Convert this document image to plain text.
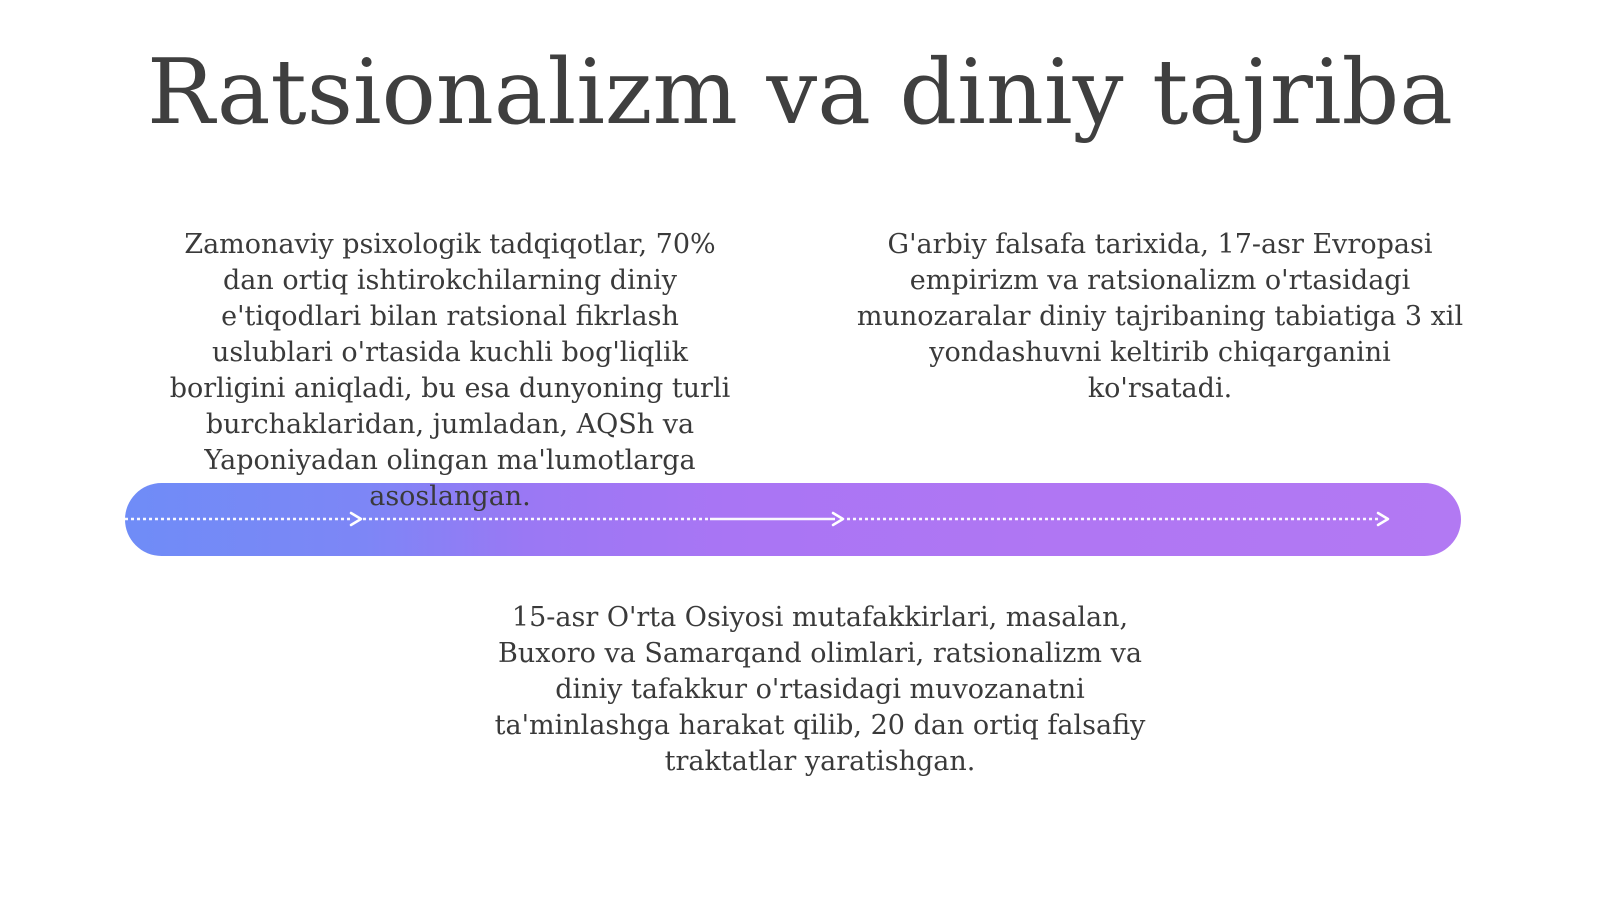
Ratsionalizm va diniy tajriba

Zamonaviy psixologik tadqiqotlar, 70% dan ortiq ishtirokchilarning diniy e'tiqodlari bilan ratsional fikrlash uslublari o'rtasida kuchli bog'liqlik borligini aniqladi, bu esa dunyoning turli burchaklaridan, jumladan, AQSh va Yaponiyadan olingan ma'lumotlarga asoslangan.

G'arbiy falsafa tarixida, 17-asr Evropasi empirizm va ratsionalizm o'rtasidagi munozaralar diniy tajribaning tabiatiga 3 xil yondashuvni keltirib chiqarganini ko'rsatadi.

15-asr O'rta Osiyosi mutafakkirlari, masalan, Buxoro va Samarqand olimlari, ratsionalizm va diniy tafakkur o'rtasidagi muvozanatni ta'minlashga harakat qilib, 20 dan ortiq falsafiy traktatlar yaratishgan.
